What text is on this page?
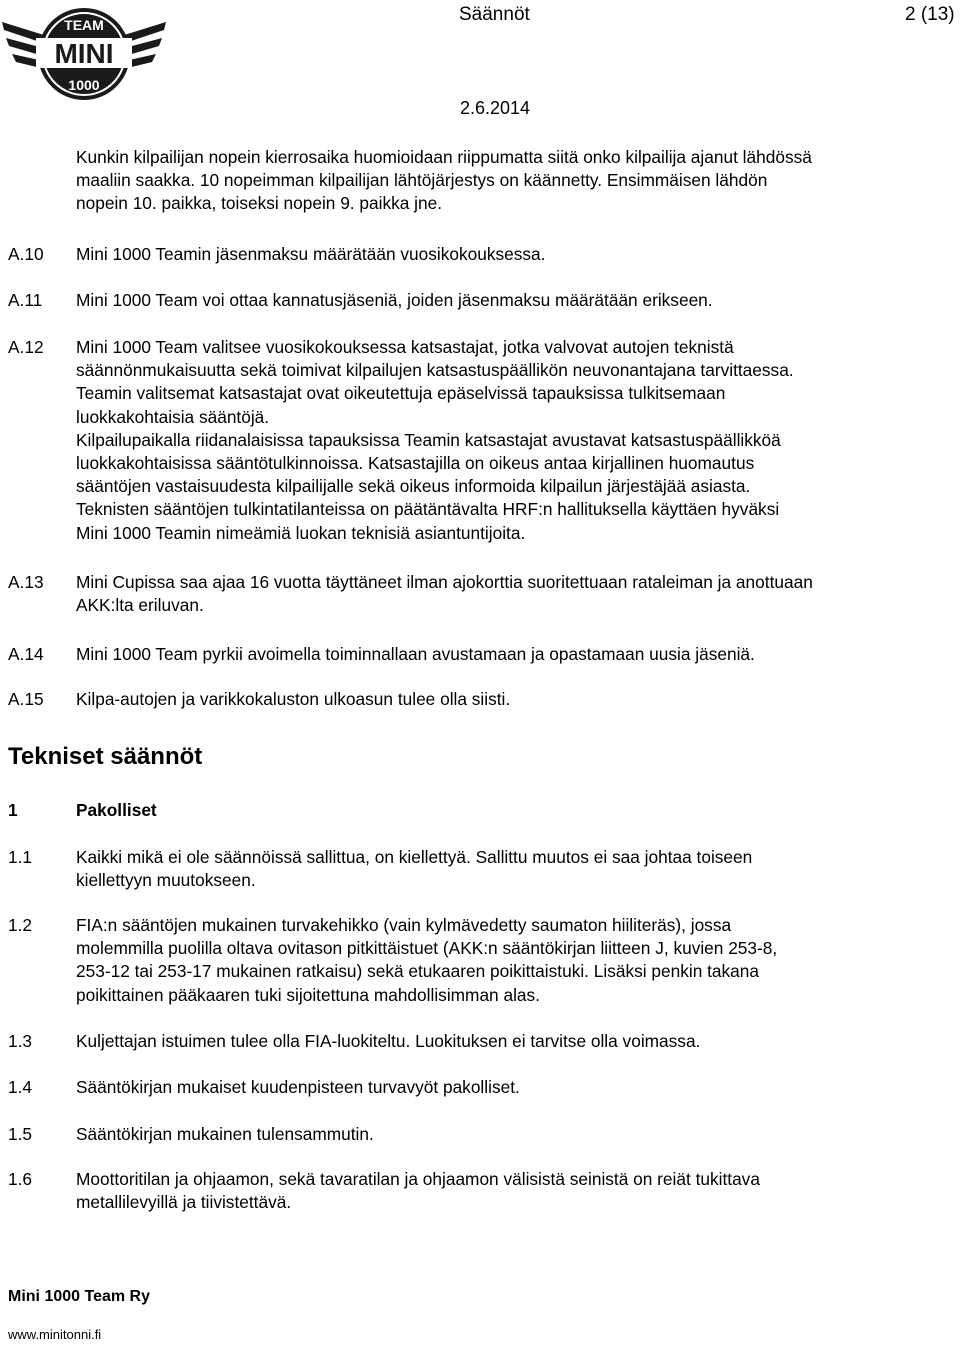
TEAM
MINI
1000
Säännöt	2 (13)
2.6.2014

Kunkin kilpailijan nopein kierrosaika huomioidaan riippumatta siitä onko kilpailija ajanut lähdössä

maaliin saakka. 10 nopeimman kilpailijan lähtöjärjestys on käännetty. Ensimmäisen lähdön

nopein 10. paikka, toiseksi nopein 9. paikka jne.

A.10 Mini 1000 Teamin jäsenmaksu määrätään vuosikokouksessa.

A.11 Mini 1000 Team voi ottaa kannatusjäseniä, joiden jäsenmaksu määrätään erikseen.

A.12 Mini 1000 Team valitsee vuosikokouksessa katsastajat, jotka valvovat autojen teknistä

säännönmukaisuutta sekä toimivat kilpailujen katsastuspäällikön neuvonantajana tarvittaessa.

Teamin valitsemat katsastajat ovat oikeutettuja epäselvissä tapauksissa tulkitsemaan

luokkakohtaisia sääntöjä.

Kilpailupaikalla riidanalaisissa tapauksissa Teamin katsastajat avustavat katsastuspäällikköä

luokkakohtaisissa sääntötulkinnoissa. Katsastajilla on oikeus antaa kirjallinen huomautus

sääntöjen vastaisuudesta kilpailijalle sekä oikeus informoida kilpailun järjestäjää asiasta.

Teknisten sääntöjen tulkintatilanteissa on päätäntävalta HRF:n hallituksella käyttäen hyväksi

Mini 1000 Teamin nimeämiä luokan teknisiä asiantuntijoita.

A.13 Mini Cupissa saa ajaa 16 vuotta täyttäneet ilman ajokorttia suoritettuaan rataleiman ja anottuaan

AKK:lta eriluvan.

A.14 Mini 1000 Team pyrkii avoimella toiminnallaan avustamaan ja opastamaan uusia jäseniä.

A.15 Kilpa-autojen ja varikkokaluston ulkoasun tulee olla siisti.

Tekniset säännöt
1	Pakolliset
1.1	Kaikki mikä ei ole säännöissä sallittua, on kiellettyä. Sallittu muutos ei saa johtaa toiseen

kiellettyyn muutokseen.

1.2	FIA:n sääntöjen mukainen turvakehikko (vain kylmävedetty saumaton hiiliteräs), jossa

molemmilla puolilla oltava ovitason pitkittäistuet (AKK:n sääntökirjan liitteen J, kuvien 253-8,

253-12 tai 253-17 mukainen ratkaisu) sekä etukaaren poikittaistuki. Lisäksi penkin takana

poikittainen pääkaaren tuki sijoitettuna mahdollisimman alas.

1.3	Kuljettajan istuimen tulee olla FIA-luokiteltu. Luokituksen ei tarvitse olla voimassa.

1.4	Sääntökirjan mukaiset kuudenpisteen turvavyöt pakolliset.

1.5	Sääntökirjan mukainen tulensammutin.

1.6	Moottoritilan ja ohjaamon, sekä tavaratilan ja ohjaamon välisistä seinistä on reiät tukittava

metallilevyillä ja tiivistettävä.

Mini 1000 Team Ry
www.minitonni.fi
